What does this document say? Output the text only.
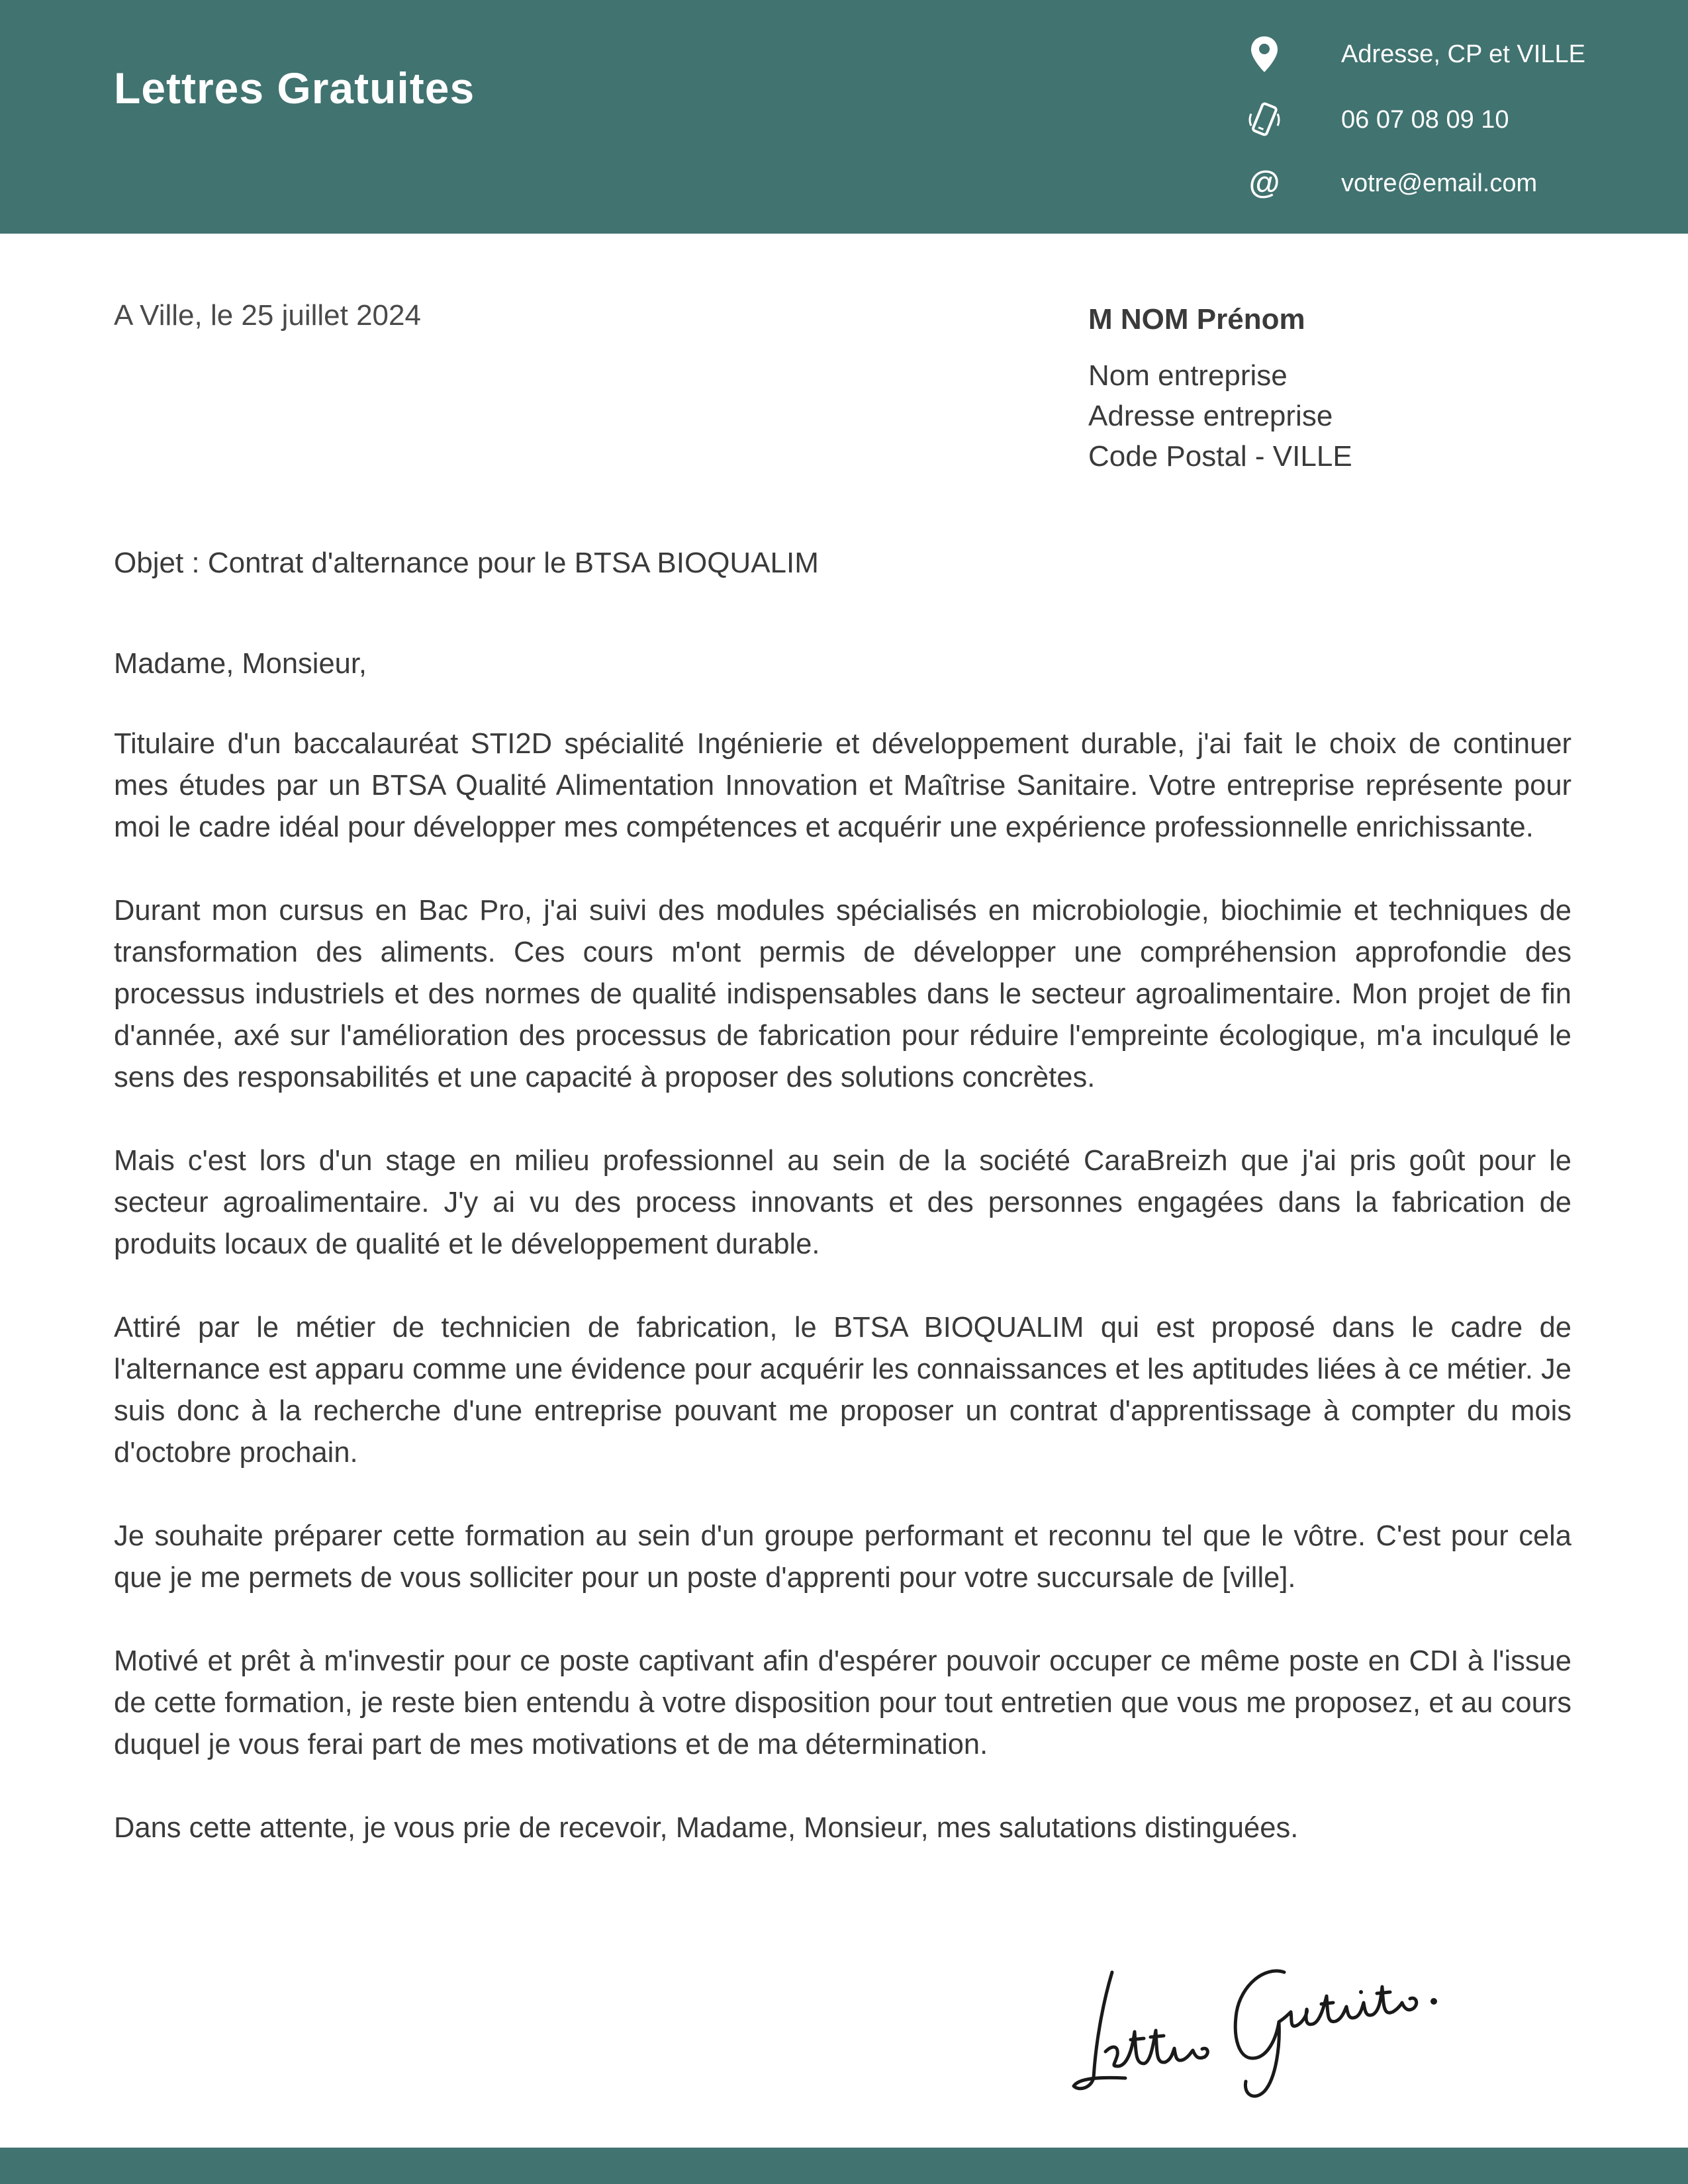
Lettres Gratuites
Adresse, CP et VILLE
06 07 08 09 10
@ votre@email.com
A Ville, le 25 juillet 2024	M NOM Prénom
Nom entreprise
Adresse entreprise
Code Postal - VILLE
Objet : Contrat d'alternance pour le BTSA BIOQUALIM

Madame, Monsieur,

Titulaire d'un baccalauréat STI2D spécialité Ingénierie et développement durable, j'ai fait le choix de continuer mes études par un BTSA Qualité Alimentation Innovation et Maîtrise Sanitaire. Votre entreprise représente pour moi le cadre idéal pour développer mes compétences et acquérir une expérience professionnelle enrichissante.

Durant mon cursus en Bac Pro, j'ai suivi des modules spécialisés en microbiologie, biochimie et techniques de transformation des aliments. Ces cours m'ont permis de développer une compréhension approfondie des processus industriels et des normes de qualité indispensables dans le secteur agroalimentaire. Mon projet de fin d'année, axé sur l'amélioration des processus de fabrication pour réduire l'empreinte écologique, m'a inculqué le sens des responsabilités et une capacité à proposer des solutions concrètes.

Mais c'est lors d'un stage en milieu professionnel au sein de la société CaraBreizh que j'ai pris goût pour le secteur agroalimentaire. J'y ai vu des process innovants et des personnes engagées dans la fabrication de produits locaux de qualité et le développement durable.

Attiré par le métier de technicien de fabrication, le BTSA BIOQUALIM qui est proposé dans le cadre de l'alternance est apparu comme une évidence pour acquérir les connaissances et les aptitudes liées à ce métier. Je suis donc à la recherche d'une entreprise pouvant me proposer un contrat d'apprentissage à compter du mois d'octobre prochain.

Je souhaite préparer cette formation au sein d'un groupe performant et reconnu tel que le vôtre. C'est pour cela que je me permets de vous solliciter pour un poste d'apprenti pour votre succursale de [ville].

Motivé et prêt à m'investir pour ce poste captivant afin d'espérer pouvoir occuper ce même poste en CDI à l'issue de cette formation, je reste bien entendu à votre disposition pour tout entretien que vous me proposez, et au cours duquel je vous ferai part de mes motivations et de ma détermination.

Dans cette attente, je vous prie de recevoir, Madame, Monsieur, mes salutations distinguées.
